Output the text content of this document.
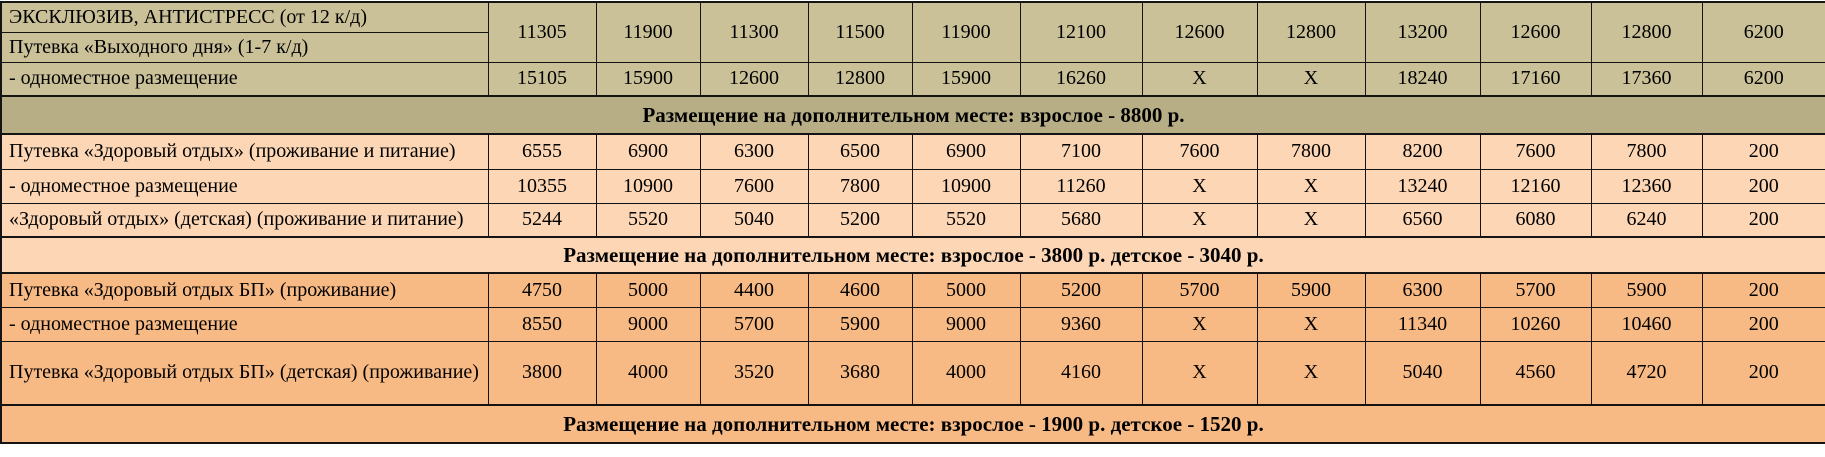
ЭКСКЛЮЗИВ, АНТИСТРЕСС (от 12 к/д)	11305	11900	11300	11500	11900	12100	12600	12800	13200	12600	12800	6200
Путевка «Выходного дня» (1-7 к/д)												
- одноместное размещение	15105	15900	12600	12800	15900	16260	X	X	18240	17160	17360	6200
Размещение на дополнительном месте: взрослое - 8800 р.												
Путевка «Здоровый отдых» (проживание и питание)	6555	6900	6300	6500	6900	7100	7600	7800	8200	7600	7800	200
- одноместное размещение	10355	10900	7600	7800	10900	11260	X	X	13240	12160	12360	200
«Здоровый отдых» (детская) (проживание и питание)	5244	5520	5040	5200	5520	5680	X	X	6560	6080	6240	200
Размещение на дополнительном месте: взрослое - 3800 р. детское - 3040 р.												
Путевка «Здоровый отдых БП» (проживание)	4750	5000	4400	4600	5000	5200	5700	5900	6300	5700	5900	200
- одноместное размещение	8550	9000	5700	5900	9000	9360	X	X	11340	10260	10460	200
Путевка «Здоровый отдых БП» (детская) (проживание)	3800	4000	3520	3680	4000	4160	X	X	5040	4560	4720	200
Размещение на дополнительном месте: взрослое - 1900 р. детское - 1520 р.												
